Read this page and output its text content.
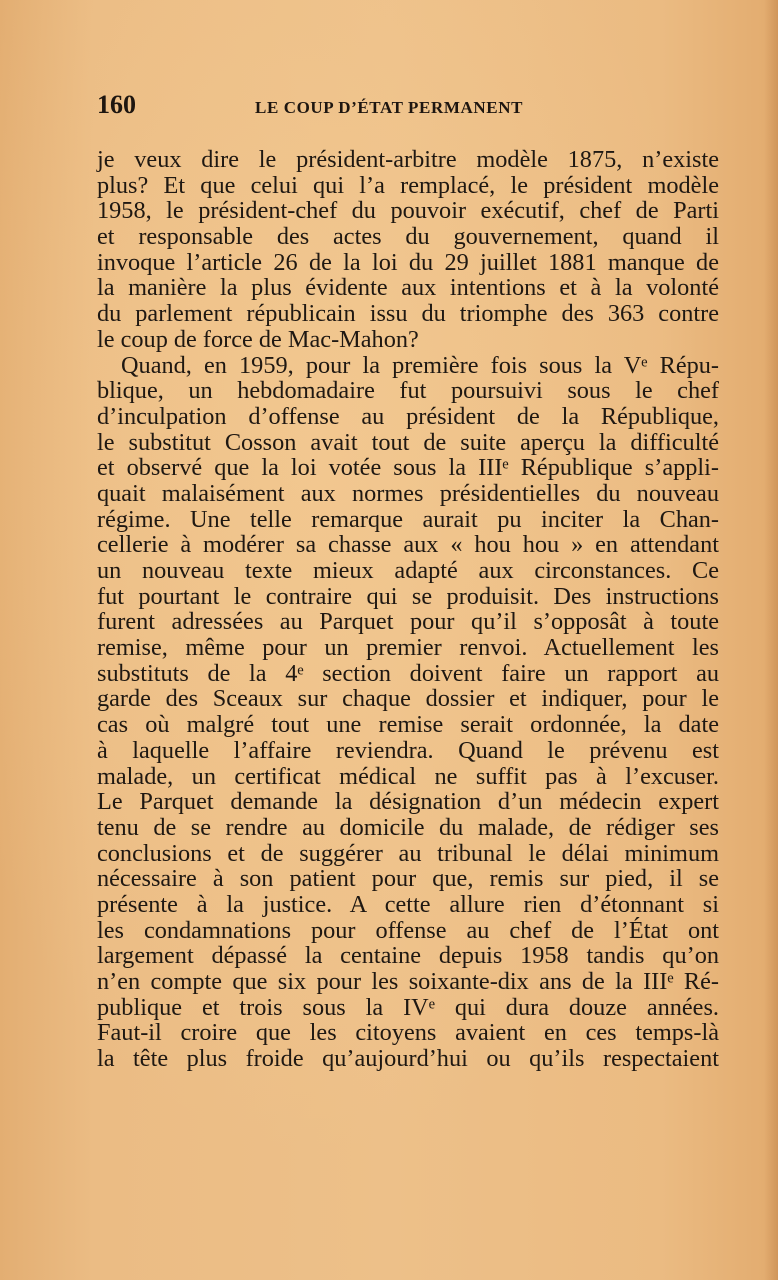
160	LE COUP D’ÉTAT PERMANENT
je veux dire le président-arbitre modèle 1875, n’existe
plus? Et que celui qui l’a remplacé, le président modèle
1958, le président-chef du pouvoir exécutif, chef de Parti
et responsable des actes du gouvernement, quand il
invoque l’article 26 de la loi du 29 juillet 1881 manque de
la manière la plus évidente aux intentions et à la volonté
du parlement républicain issu du triomphe des 363 contre
le coup de force de Mac-Mahon?
Quand, en 1959, pour la première fois sous la Vᵉ Répu-
blique, un hebdomadaire fut poursuivi sous le chef
d’inculpation d’offense au président de la République,
le substitut Cosson avait tout de suite aperçu la difficulté
et observé que la loi votée sous la IIIᵉ République s’appli-
quait malaisément aux normes présidentielles du nouveau
régime. Une telle remarque aurait pu inciter la Chan-
cellerie à modérer sa chasse aux « hou hou » en attendant
un nouveau texte mieux adapté aux circonstances. Ce
fut pourtant le contraire qui se produisit. Des instructions
furent adressées au Parquet pour qu’il s’opposât à toute
remise, même pour un premier renvoi. Actuellement les
substituts de la 4ᵉ section doivent faire un rapport au
garde des Sceaux sur chaque dossier et indiquer, pour le
cas où malgré tout une remise serait ordonnée, la date
à laquelle l’affaire reviendra. Quand le prévenu est
malade, un certificat médical ne suffit pas à l’excuser.
Le Parquet demande la désignation d’un médecin expert
tenu de se rendre au domicile du malade, de rédiger ses
conclusions et de suggérer au tribunal le délai minimum
nécessaire à son patient pour que, remis sur pied, il se
présente à la justice. A cette allure rien d’étonnant si
les condamnations pour offense au chef de l’État ont
largement dépassé la centaine depuis 1958 tandis qu’on
n’en compte que six pour les soixante-dix ans de la IIIᵉ Ré-
publique et trois sous la IVᵉ qui dura douze années.
Faut-il croire que les citoyens avaient en ces temps-là
la tête plus froide qu’aujourd’hui ou qu’ils respectaient
